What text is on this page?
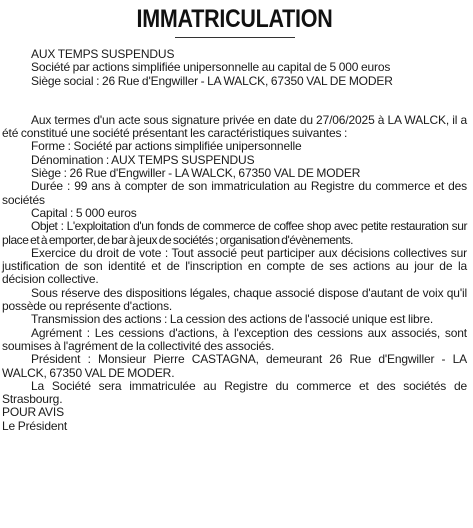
IMMATRICULATION

AUX TEMPS SUSPENDUS

Société par actions simplifiée unipersonnelle au capital de 5 000 euros

Siège social : 26 Rue d'Engwiller - LA WALCK, 67350 VAL DE MODER

Aux termes d'un acte sous signature privée en date du 27/06/2025 à LA WALCK, il a été constitué une société présentant les caractéristiques suivantes :

Forme : Société par actions simplifiée unipersonnelle

Dénomination : AUX TEMPS SUSPENDUS

Siège : 26 Rue d'Engwiller - LA WALCK, 67350 VAL DE MODER

Durée : 99 ans à compter de son immatriculation au Registre du commerce et des sociétés

Capital : 5 000 euros

Objet : L'exploitation d'un fonds de commerce de coffee shop avec petite restauration sur place et à emporter, de bar à jeux de sociétés ; organisation d'évènements.

Exercice du droit de vote : Tout associé peut participer aux décisions collectives sur justification de son identité et de l'inscription en compte de ses actions au jour de la décision collective.

Sous réserve des dispositions légales, chaque associé dispose d'autant de voix qu'il possède ou représente d'actions.

Transmission des actions : La cession des actions de l'associé unique est libre.

Agrément : Les cessions d'actions, à l'exception des cessions aux associés, sont soumises à l'agrément de la collectivité des associés.

Président : Monsieur Pierre CASTAGNA, demeurant 26 Rue d'Engwiller - LA WALCK, 67350 VAL DE MODER.

La Société sera immatriculée au Registre du commerce et des sociétés de Strasbourg.

POUR AVIS

Le Président
